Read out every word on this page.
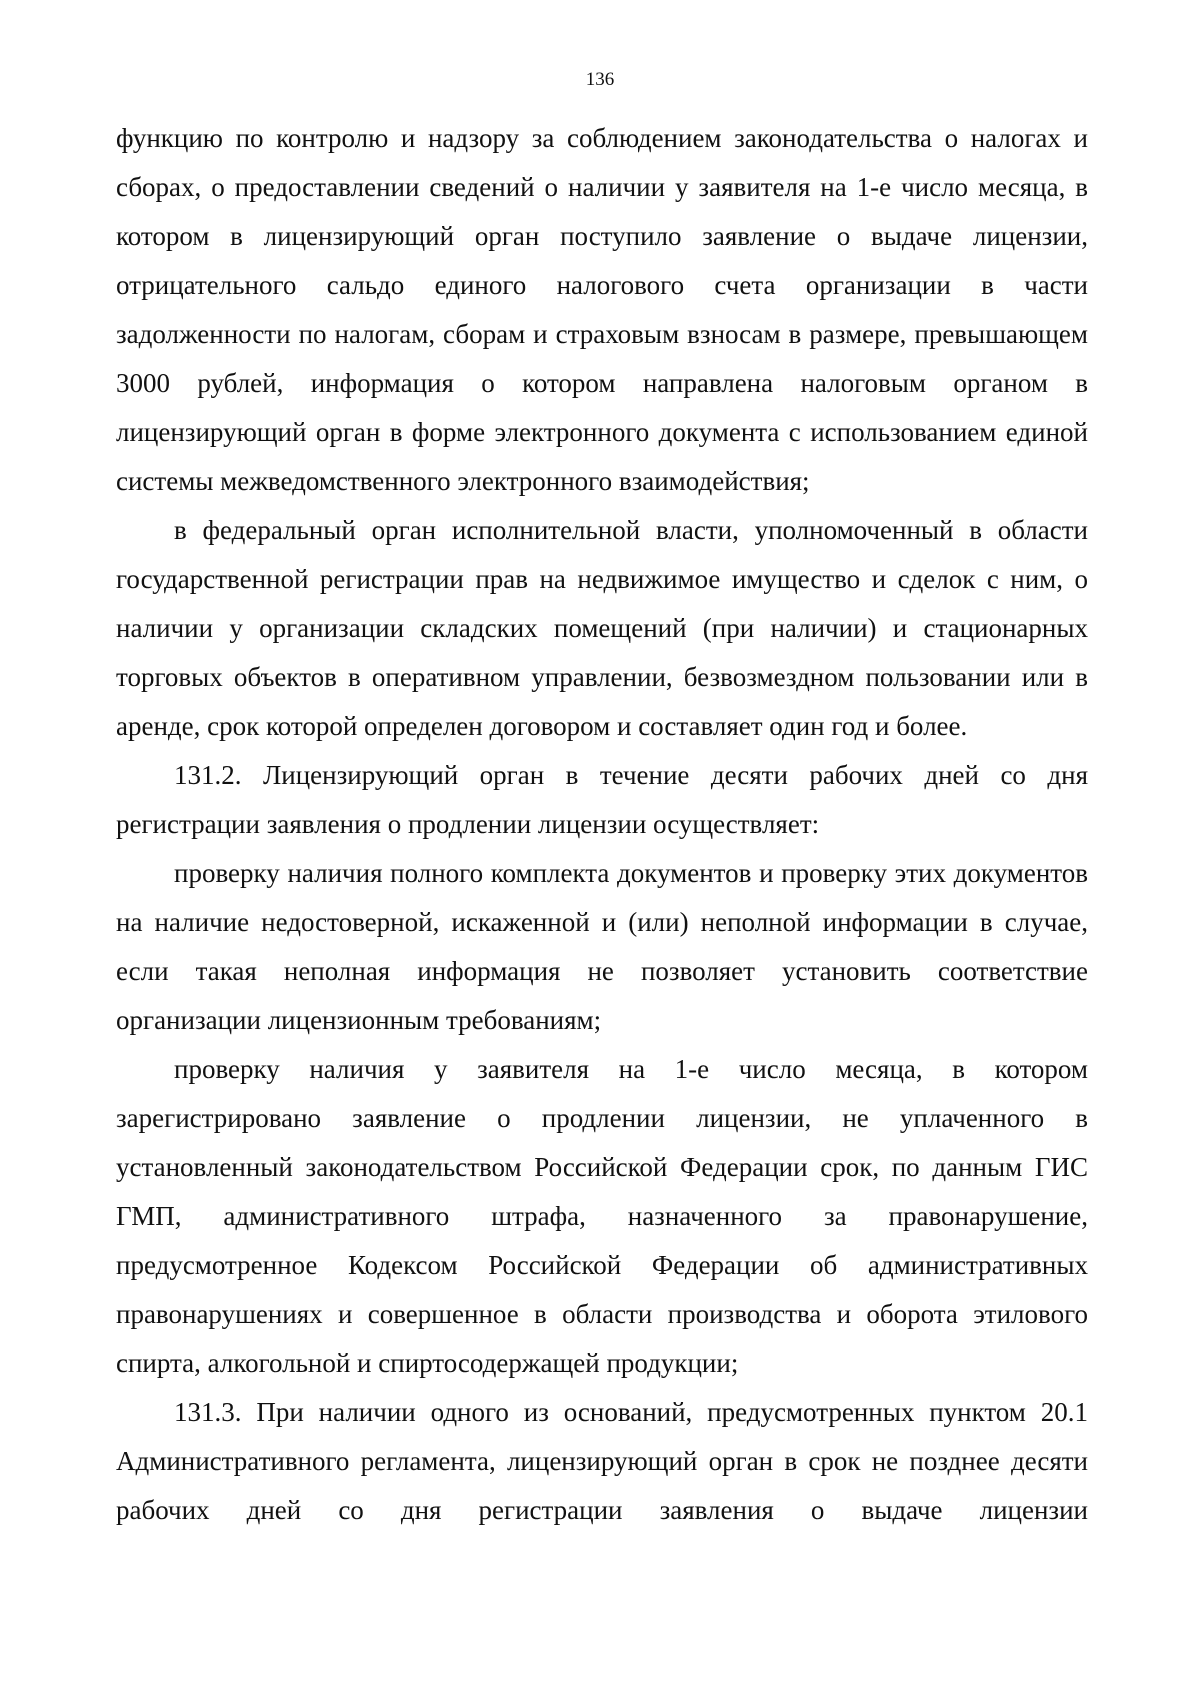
136

функцию по контролю и надзору за соблюдением законодательства о налогах и сборах, о предоставлении сведений о наличии у заявителя на 1-е число месяца, в котором в лицензирующий орган поступило заявление о выдаче лицензии, отрицательного сальдо единого налогового счета организации в части задолженности по налогам, сборам и страховым взносам в размере, превышающем 3000 рублей, информация о котором направлена налоговым органом в лицензирующий орган в форме электронного документа с использованием единой системы межведомственного электронного взаимодействия;

в федеральный орган исполнительной власти, уполномоченный в области государственной регистрации прав на недвижимое имущество и сделок с ним, о наличии у организации складских помещений (при наличии) и стационарных торговых объектов в оперативном управлении, безвозмездном пользовании или в аренде, срок которой определен договором и составляет один год и более.

131.2. Лицензирующий орган в течение десяти рабочих дней со дня регистрации заявления о продлении лицензии осуществляет:

проверку наличия полного комплекта документов и проверку этих документов на наличие недостоверной, искаженной и (или) неполной информации в случае, если такая неполная информация не позволяет установить соответствие организации лицензионным требованиям;

проверку наличия у заявителя на 1-е число месяца, в котором зарегистрировано заявление о продлении лицензии, не уплаченного в установленный законодательством Российской Федерации срок, по данным ГИС ГМП, административного штрафа, назначенного за правонарушение, предусмотренное Кодексом Российской Федерации об административных правонарушениях и совершенное в области производства и оборота этилового спирта, алкогольной и спиртосодержащей продукции;

131.3. При наличии одного из оснований, предусмотренных пунктом 20.1 Административного регламента, лицензирующий орган в срок не позднее десяти рабочих дней со дня регистрации заявления о выдаче лицензии
